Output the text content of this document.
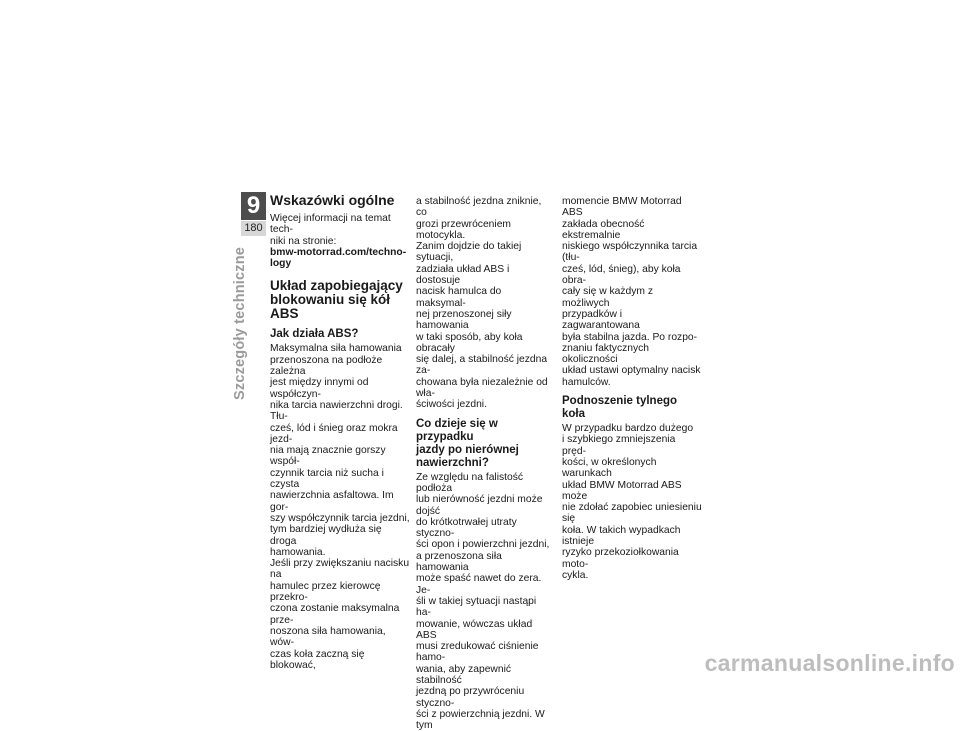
9
180
Szczegóły techniczne

Wskazówki ogólne

Więcej informacji na temat tech-
niki na stronie:

bmw-motorrad.com/techno-
logy

Układ zapobiegający
blokowaniu się kół ABS

Jak działa ABS?

Maksymalna siła hamowania
przenoszona na podłoże zależna
jest między innymi od współczyn-
nika tarcia nawierzchni drogi. Tłu-
cześ, lód i śnieg oraz mokra jezd-
nia mają znacznie gorszy współ-
czynnik tarcia niż sucha i czysta
nawierzchnia asfaltowa. Im gor-
szy współczynnik tarcia jezdni,
tym bardziej wydłuża się droga
hamowania.

Jeśli przy zwiększaniu nacisku na
hamulec przez kierowcę przekro-
czona zostanie maksymalna prze-
noszona siła hamowania, wów-
czas koła zaczną się blokować,

a stabilność jezdna zniknie, co
grozi przewróceniem motocykla.
Zanim dojdzie do takiej sytuacji,
zadziała układ ABS i dostosuje
nacisk hamulca do maksymal-
nej przenoszonej siły hamowania
w taki sposób, aby koła obracały
się dalej, a stabilność jezdna za-
chowana była niezależnie od wła-
ściwości jezdni.

Co dzieje się w przypadku
jazdy po nierównej
nawierzchni?

Ze względu na falistość podłoża
lub nierówność jezdni może dojść
do krótkotrwałej utraty styczno-
ści opon i powierzchni jezdni,
a przenoszona siła hamowania
może spaść nawet do zera. Je-
śli w takiej sytuacji nastąpi ha-
mowanie, wówczas układ ABS
musi zredukować ciśnienie hamo-
wania, aby zapewnić stabilność
jezdną po przywróceniu styczno-
ści z powierzchnią jezdni. W tym

momencie BMW Motorrad ABS
zakłada obecność ekstremalnie
niskiego współczynnika tarcia (tłu-
cześ, lód, śnieg), aby koła obra-
cały się w każdym z możliwych
przypadków i zagwarantowana
była stabilna jazda. Po rozpo-
znaniu faktycznych okoliczności
układ ustawi optymalny nacisk
hamulców.

Podnoszenie tylnego koła

W przypadku bardzo dużego
i szybkiego zmniejszenia pręd-
kości, w określonych warunkach
układ BMW Motorrad ABS może
nie zdołać zapobiec uniesieniu się
koła. W takich wypadkach istnieje
ryzyko przekoziołkowania moto-
cykla.

carmanualsonline.info
